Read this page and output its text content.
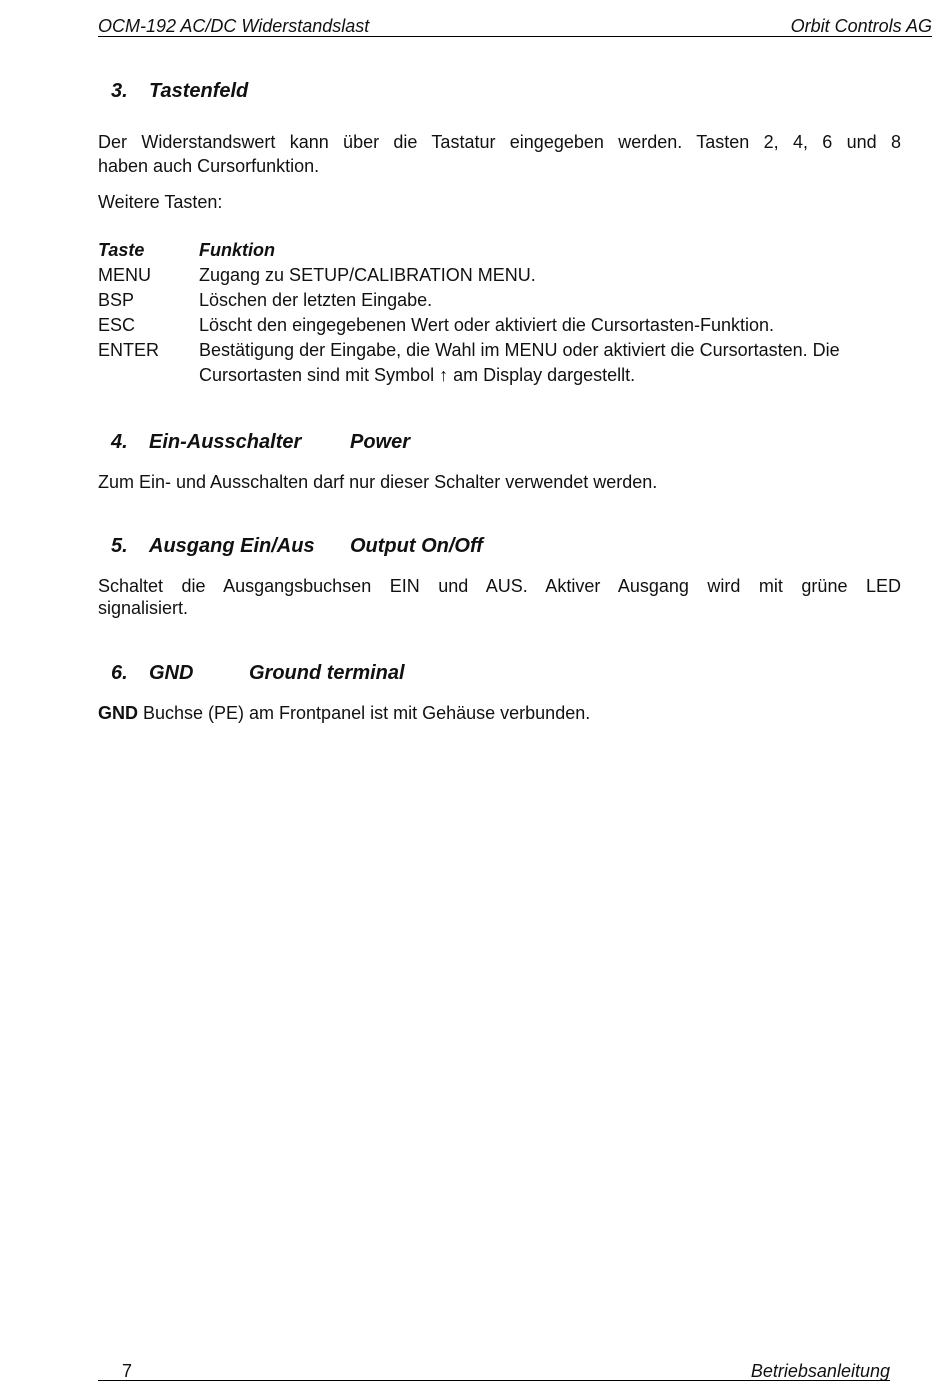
OCM-192 AC/DC Widerstandslast	Orbit Controls AG
3. Tastenfeld
Der Widerstandswert kann über die Tastatur eingegeben werden. Tasten 2, 4, 6 und 8
haben auch Cursorfunktion.
Weitere Tasten:
Taste	Funktion
MENU	Zugang zu SETUP/CALIBRATION MENU.
BSP	Löschen der letzten Eingabe.
ESC	Löscht den eingegebenen Wert oder aktiviert die Cursortasten-Funktion.
ENTER Bestätigung der Eingabe, die Wahl im MENU oder aktiviert die Cursortasten. Die
Cursortasten sind mit Symbol ↑ am Display dargestellt.
4. Ein-Ausschalter Power
Zum Ein- und Ausschalten darf nur dieser Schalter verwendet werden.
5. Ausgang Ein/Aus Output On/Off
Schaltet die Ausgangsbuchsen EIN und AUS. Aktiver Ausgang wird mit grüne LED
signalisiert.
6. GND	Ground terminal
GND Buchse (PE) am Frontpanel ist mit Gehäuse verbunden.
7	Betriebsanleitung
